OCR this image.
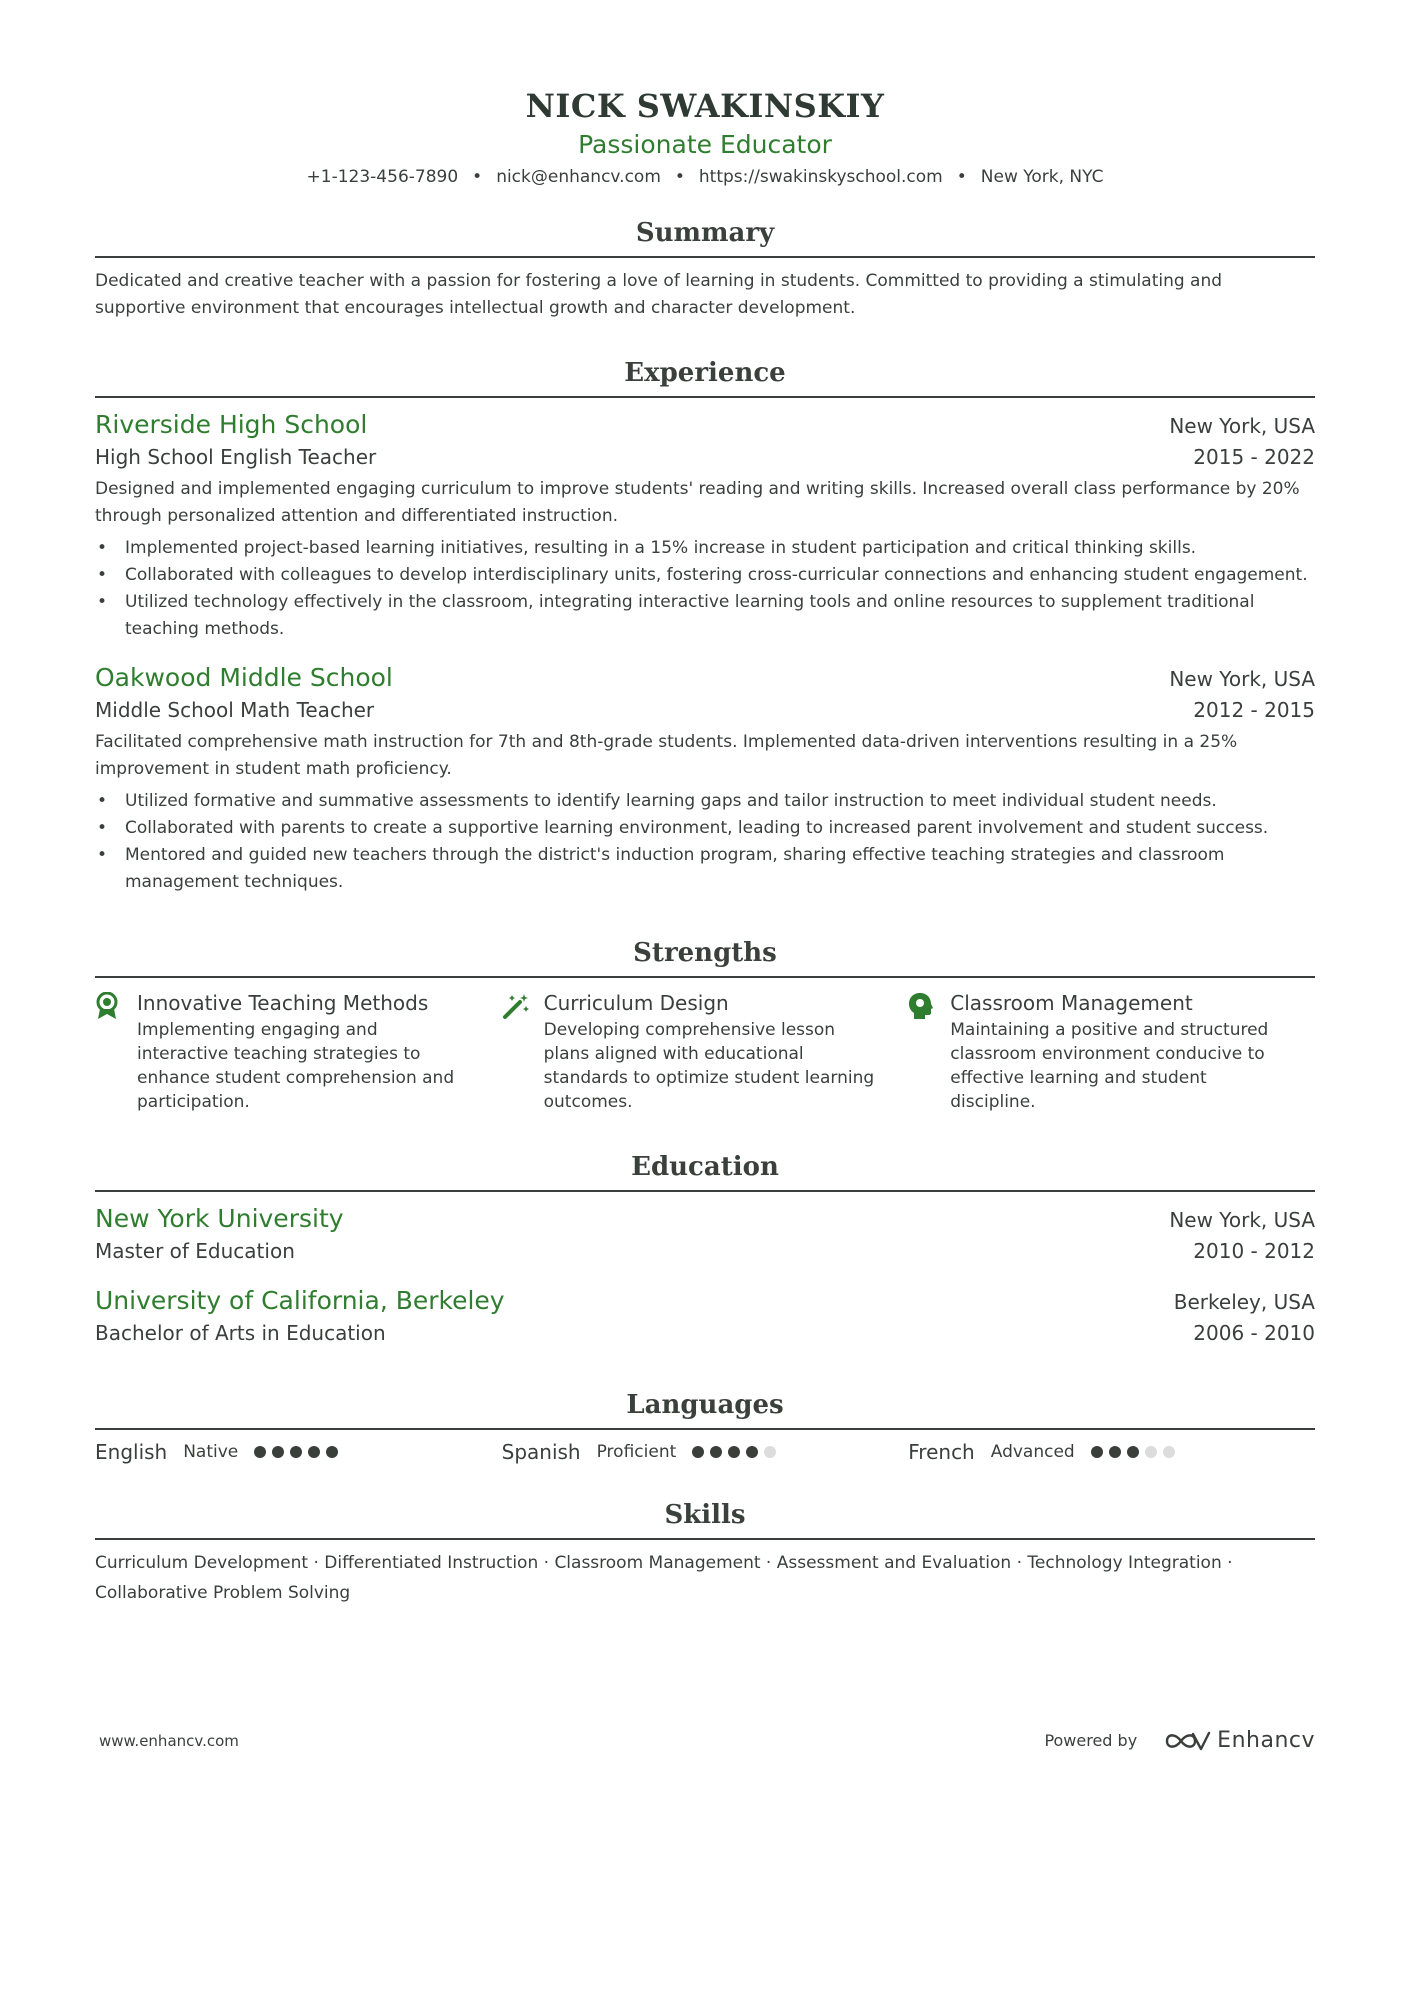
NICK SWAKINSKIY
Passionate Educator
+1-123-456-7890 • nick@enhancv.com • https://swakinskyschool.com • New York, NYC
Summary
Dedicated and creative teacher with a passion for fostering a love of learning in students. Committed to providing a stimulating and supportive environment that encourages intellectual growth and character development.
Experience
Riverside High School	New York, USA
High School English Teacher	2015 - 2022
Designed and implemented engaging curriculum to improve students' reading and writing skills. Increased overall class performance by 20% through personalized attention and differentiated instruction.
• Implemented project-based learning initiatives, resulting in a 15% increase in student participation and critical thinking skills.
• Collaborated with colleagues to develop interdisciplinary units, fostering cross-curricular connections and enhancing student engagement.
• Utilized technology effectively in the classroom, integrating interactive learning tools and online resources to supplement traditional teaching methods.
Oakwood Middle School	New York, USA
Middle School Math Teacher	2012 - 2015
Facilitated comprehensive math instruction for 7th and 8th-grade students. Implemented data-driven interventions resulting in a 25% improvement in student math proficiency.
• Utilized formative and summative assessments to identify learning gaps and tailor instruction to meet individual student needs.
• Collaborated with parents to create a supportive learning environment, leading to increased parent involvement and student success.
• Mentored and guided new teachers through the district's induction program, sharing effective teaching strategies and classroom management techniques.
Strengths
Innovative Teaching Methods
Implementing engaging and interactive teaching strategies to enhance student comprehension and participation.
Curriculum Design
Developing comprehensive lesson plans aligned with educational standards to optimize student learning outcomes.
Classroom Management
Maintaining a positive and structured classroom environment conducive to effective learning and student discipline.
Education
New York University	New York, USA
Master of Education	2010 - 2012
University of California, Berkeley	Berkeley, USA
Bachelor of Arts in Education	2006 - 2010
Languages
English Native	Spanish Proficient	French Advanced
Skills
Curriculum Development · Differentiated Instruction · Classroom Management · Assessment and Evaluation · Technology Integration ·
Collaborative Problem Solving
www.enhancv.com	Powered by	Enhancv
